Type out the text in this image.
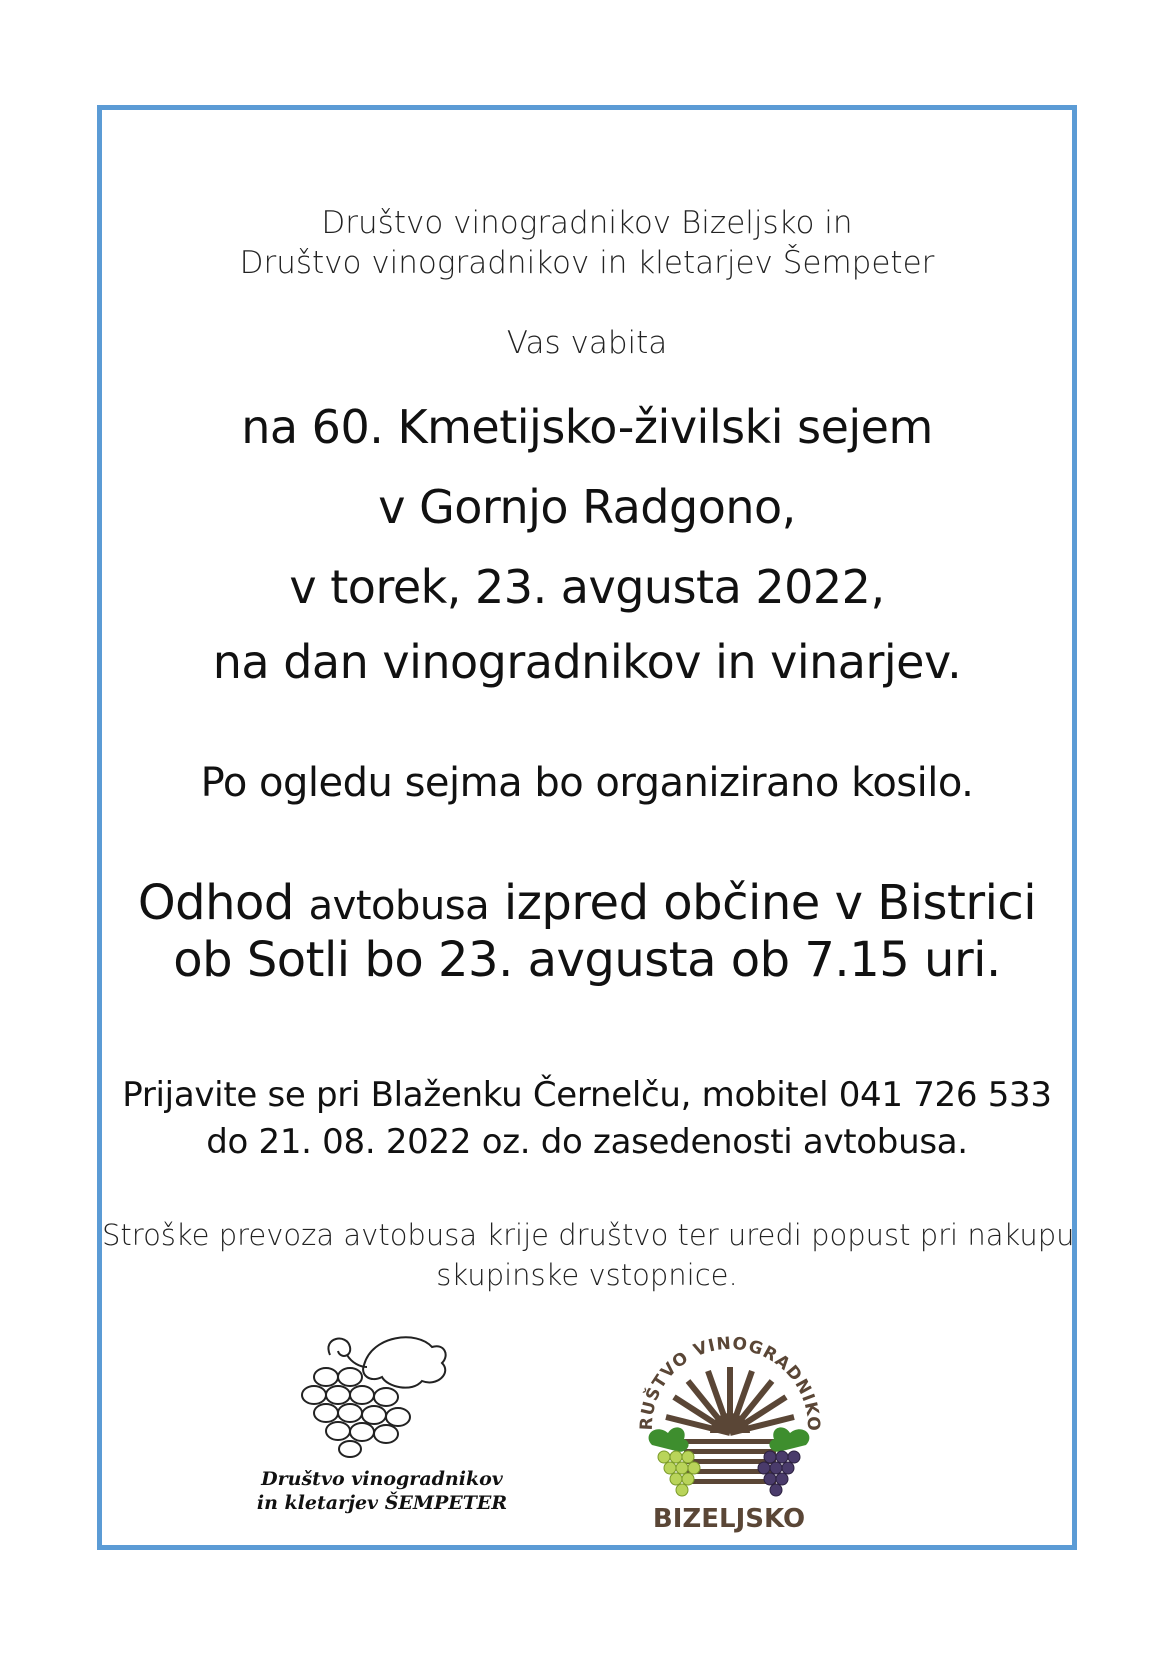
Društvo vinogradnikov Bizeljsko in
Društvo vinogradnikov in kletarjev Šempeter
Vas vabita
na 60. Kmetijsko-živilski sejem
v Gornjo Radgono,
v torek, 23. avgusta 2022,
na dan vinogradnikov in vinarjev.
Po ogledu sejma bo organizirano kosilo.
Odhod avtobusa izpred občine v Bistrici
ob Sotli bo 23. avgusta ob 7.15 uri.
Prijavite se pri Blaženku Černelču, mobitel 041 726 533
do 21. 08. 2022 oz. do zasedenosti avtobusa.
Stroške prevoza avtobusa krije društvo ter uredi popust pri nakupu
skupinske vstopnice.
Društvo vinogradnikov
in kletarjev ŠEMPETER
RUŠTVO VINOGRADNIKO
BIZELJSKO
